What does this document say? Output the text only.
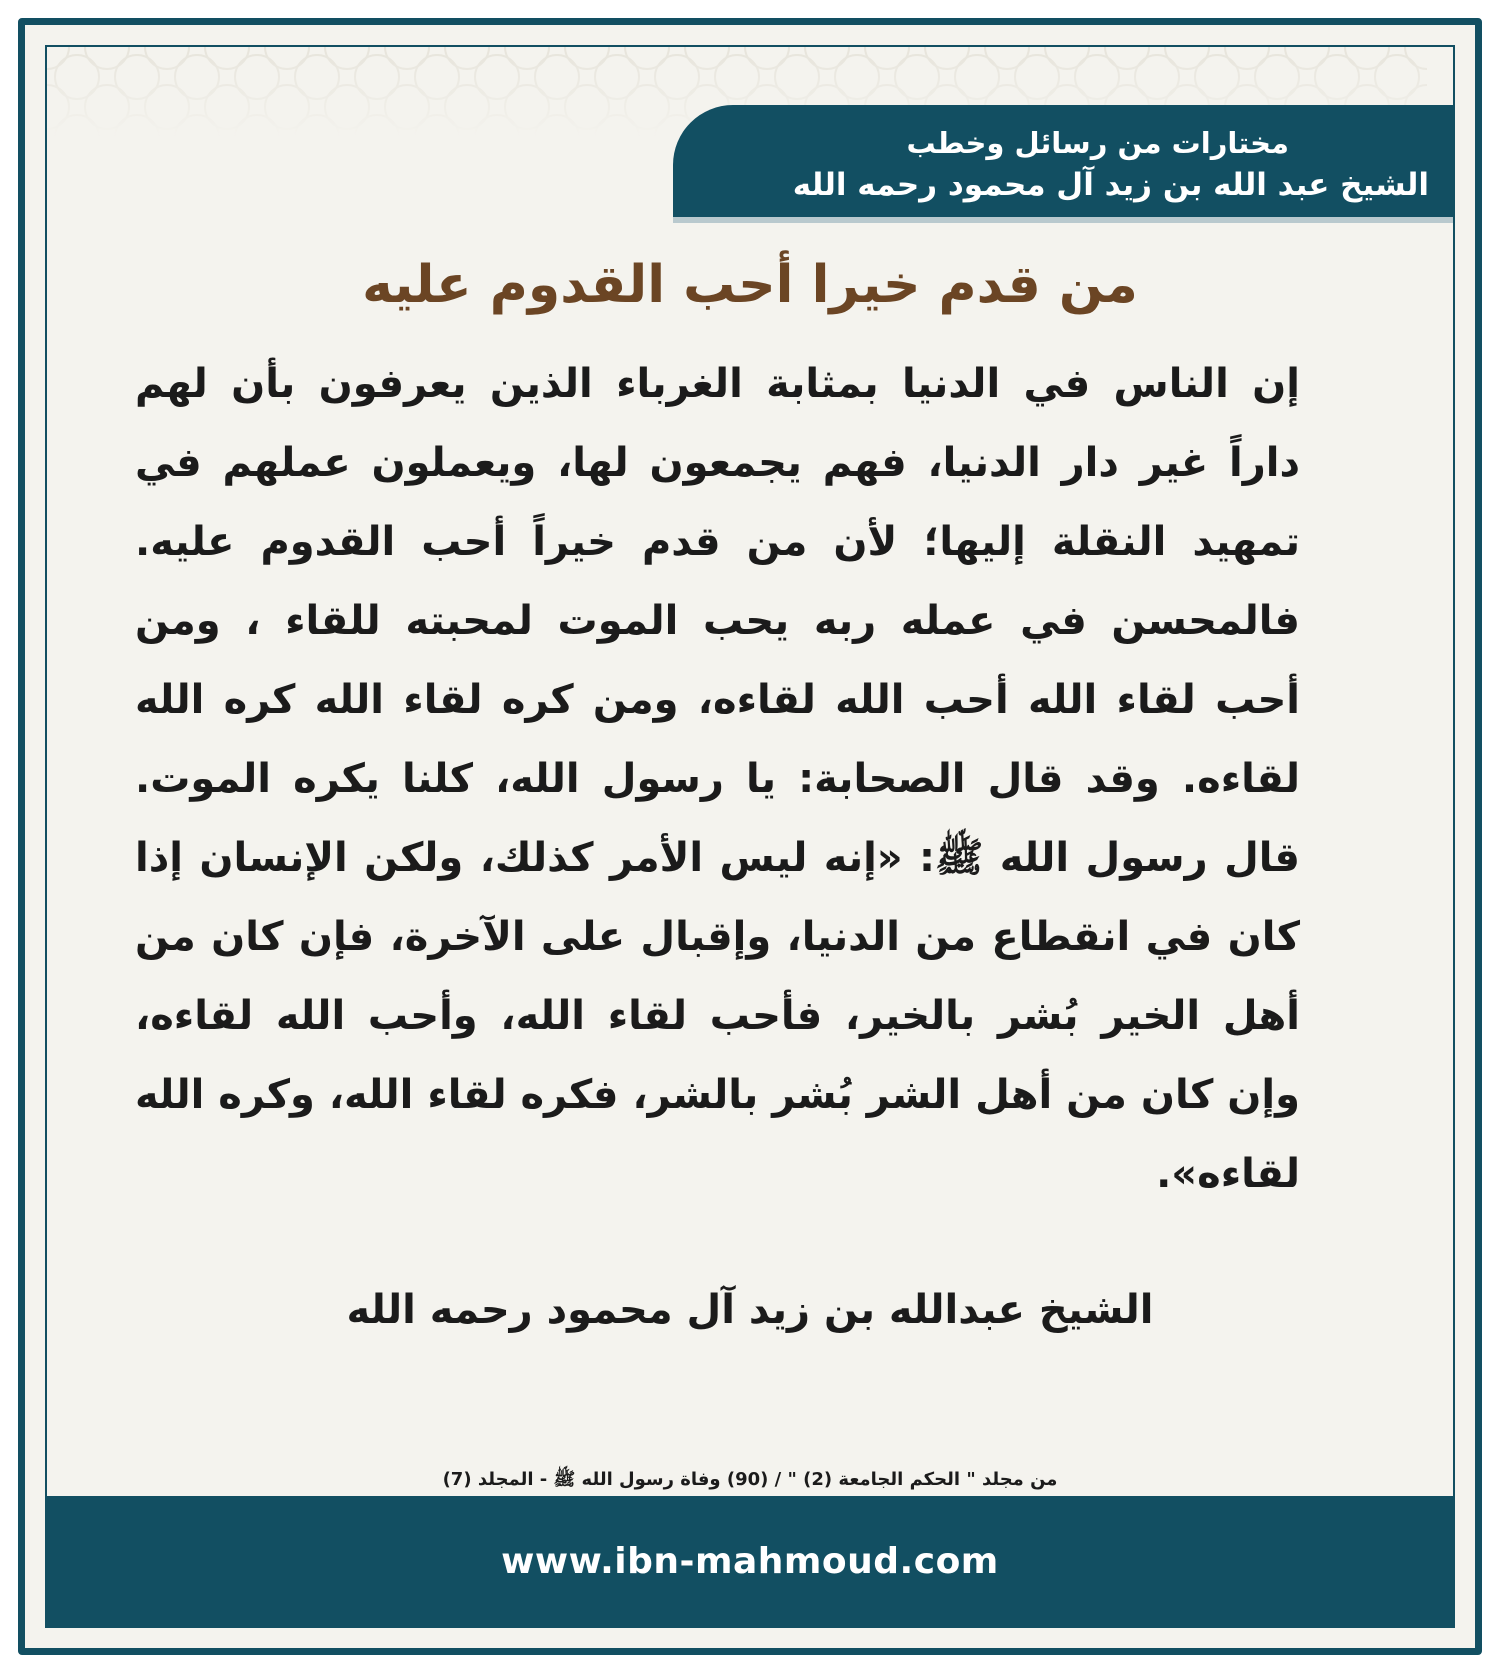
مختارات من رسائل وخطب
الشيخ عبد الله بن زيد آل محمود رحمه الله
من قدم خيرا أحب القدوم عليه
إن الناس في الدنيا بمثابة الغرباء الذين يعرفون بأن لهم داراً غير دار الدنيا، فهم يجمعون لها، ويعملون عملهم في تمهيد النقلة إليها؛ لأن من قدم خيراً أحب القدوم عليه. فالمحسن في عمله ربه يحب الموت لمحبته للقاء ، ومن أحب لقاء الله أحب الله لقاءه، ومن كره لقاء الله كره الله لقاءه. وقد قال الصحابة: يا رسول الله، كلنا يكره الموت. قال رسول الله ﷺ: «إنه ليس الأمر كذلك، ولكن الإنسان إذا كان في انقطاع من الدنيا، وإقبال على الآخرة، فإن كان من أهل الخير بُشر بالخير، فأحب لقاء الله، وأحب الله لقاءه، وإن كان من أهل الشر بُشر بالشر، فكره لقاء الله، وكره الله لقاءه».
الشيخ عبدالله بن زيد آل محمود رحمه الله
من مجلد " الحكم الجامعة (2) " / (90) وفاة رسول الله ﷺ - المجلد (7)
www.ibn-mahmoud.com
